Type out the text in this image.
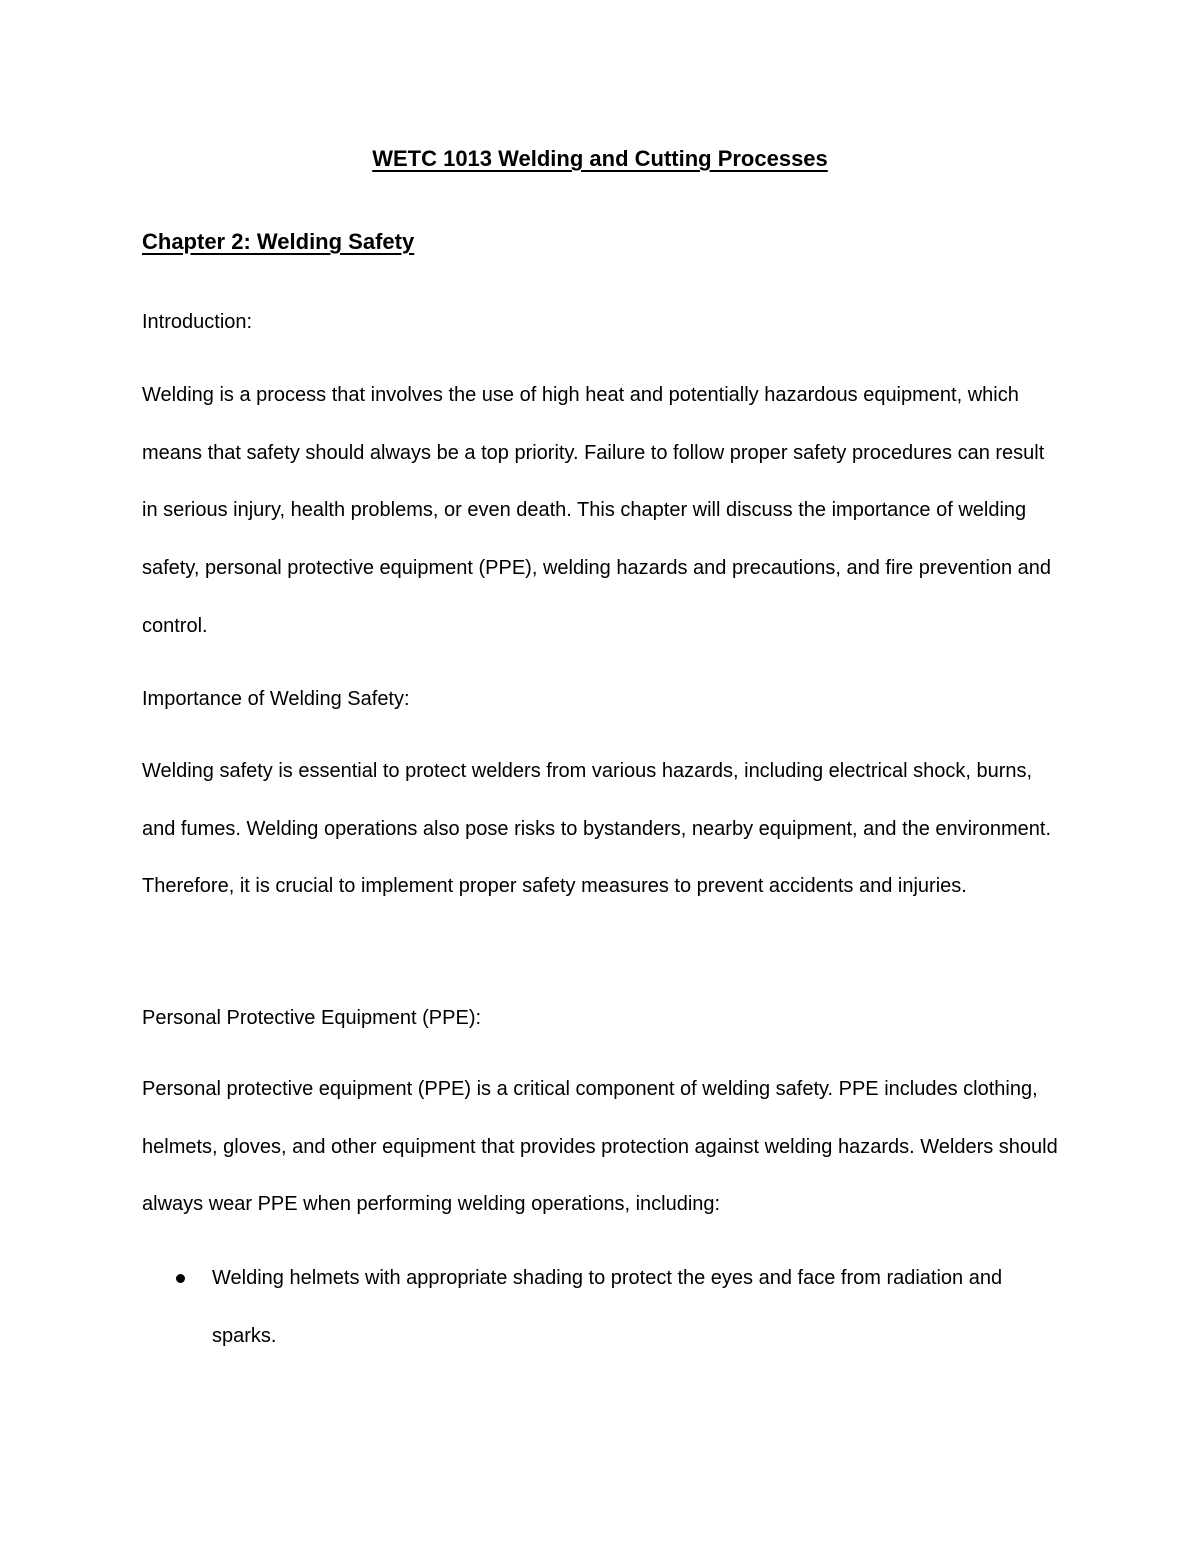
WETC 1013 Welding and Cutting Processes
Chapter 2: Welding Safety

Introduction:

Welding is a process that involves the use of high heat and potentially hazardous equipment, which means that safety should always be a top priority. Failure to follow proper safety procedures can result in serious injury, health problems, or even death. This chapter will discuss the importance of welding safety, personal protective equipment (PPE), welding hazards and precautions, and fire prevention and control.

Importance of Welding Safety:

Welding safety is essential to protect welders from various hazards, including electrical shock, burns, and fumes. Welding operations also pose risks to bystanders, nearby equipment, and the environment. Therefore, it is crucial to implement proper safety measures to prevent accidents and injuries.

Personal Protective Equipment (PPE):

Personal protective equipment (PPE) is a critical component of welding safety. PPE includes clothing, helmets, gloves, and other equipment that provides protection against welding hazards. Welders should always wear PPE when performing welding operations, including:

Welding helmets with appropriate shading to protect the eyes and face from radiation and sparks.
